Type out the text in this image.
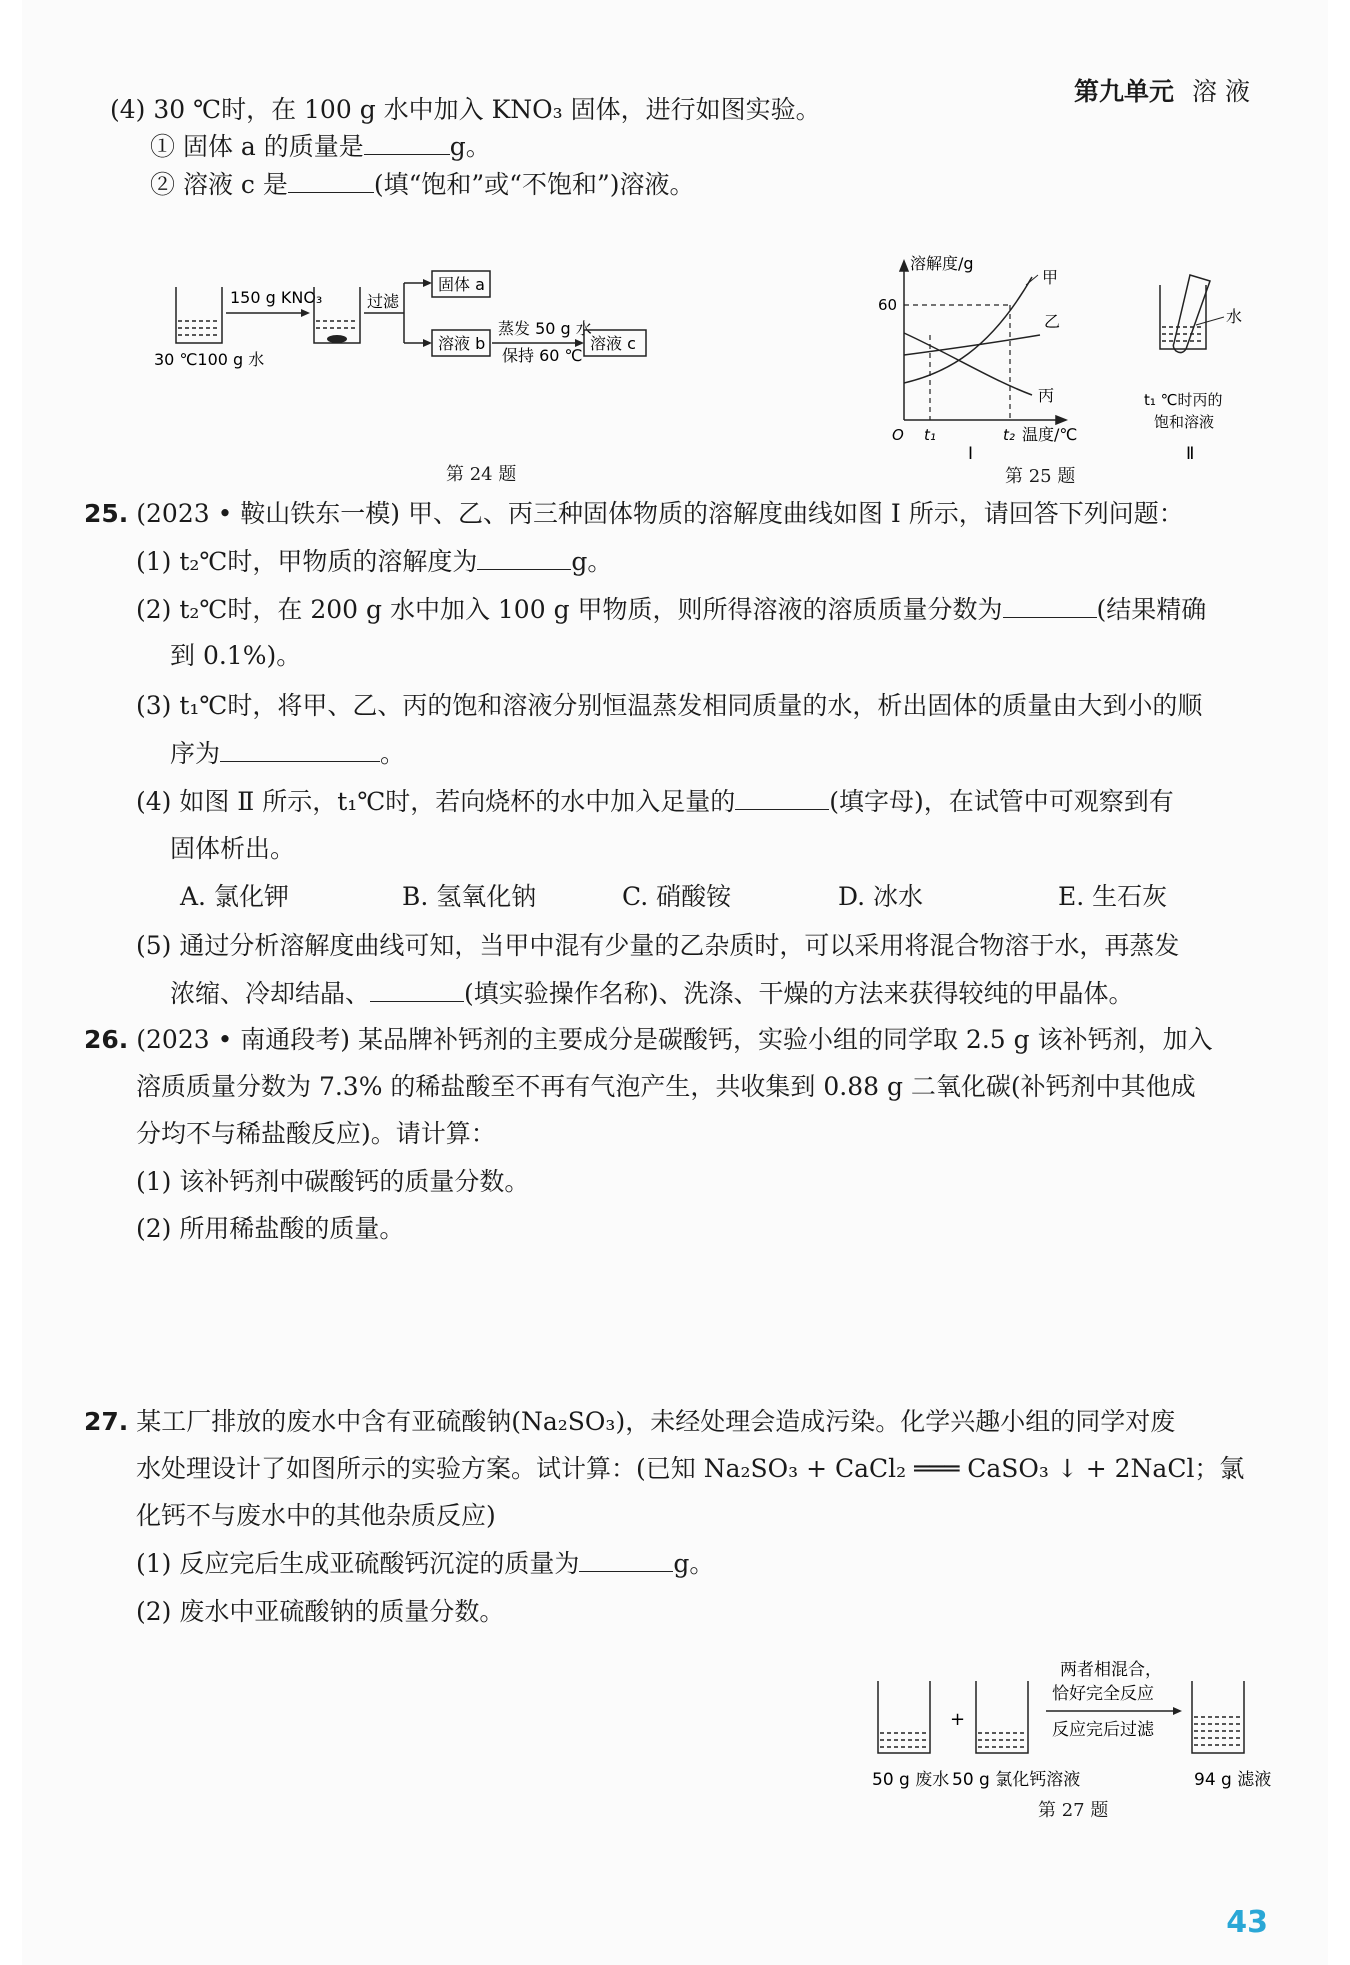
第九单元 溶 液
(4) 30 ℃时，在 100 g 水中加入 KNO₃ 固体，进行如图实验。
① 固体 a 的质量是	g。
② 溶液 c 是	(填“饱和”或“不饱和”)溶液。
30 ℃100 g 水
150 g KNO₃	过滤
固体 a
溶液 b
蒸发 50 g 水
保持 60 ℃
溶液 c
第 24 题
溶解度/g
60
O t₁	t₂ 温度/℃
甲
乙
丙
Ⅰ
水
t₁ ℃时丙的
饱和溶液
Ⅱ
第 25 题
25. (2023 • 鞍山铁东一模) 甲、乙、丙三种固体物质的溶解度曲线如图 Ⅰ 所示，请回答下列问题：
(1) t₂℃时，甲物质的溶解度为	g。
(2) t₂℃时，在 200 g 水中加入 100 g 甲物质，则所得溶液的溶质质量分数为	(结果精确
到 0.1%)。
(3) t₁℃时，将甲、乙、丙的饱和溶液分别恒温蒸发相同质量的水，析出固体的质量由大到小的顺
序为	。
(4) 如图 Ⅱ 所示，t₁℃时，若向烧杯的水中加入足量的	(填字母)，在试管中可观察到有
固体析出。
A. 氯化钾	B. 氢氧化钠	C. 硝酸铵	D. 冰水	E. 生石灰
(5) 通过分析溶解度曲线可知，当甲中混有少量的乙杂质时，可以采用将混合物溶于水，再蒸发
浓缩、冷却结晶、	(填实验操作名称)、洗涤、干燥的方法来获得较纯的甲晶体。
26. (2023 • 南通段考) 某品牌补钙剂的主要成分是碳酸钙，实验小组的同学取 2.5 g 该补钙剂，加入
溶质质量分数为 7.3% 的稀盐酸至不再有气泡产生，共收集到 0.88 g 二氧化碳(补钙剂中其他成
分均不与稀盐酸反应)。请计算：
(1) 该补钙剂中碳酸钙的质量分数。
(2) 所用稀盐酸的质量。
27. 某工厂排放的废水中含有亚硫酸钠(Na₂SO₃)，未经处理会造成污染。化学兴趣小组的同学对废
水处理设计了如图所示的实验方案。试计算：(已知 Na₂SO₃ + CaCl₂ ═══ CaSO₃ ↓ + 2NaCl；氯
化钙不与废水中的其他杂质反应)
(1) 反应完后生成亚硫酸钙沉淀的质量为	g。
(2) 废水中亚硫酸钠的质量分数。
50 g 废水
+
50 g 氯化钙溶液
两者相混合，
恰好完全反应
反应完后过滤
94 g 滤液
第 27 题
43
